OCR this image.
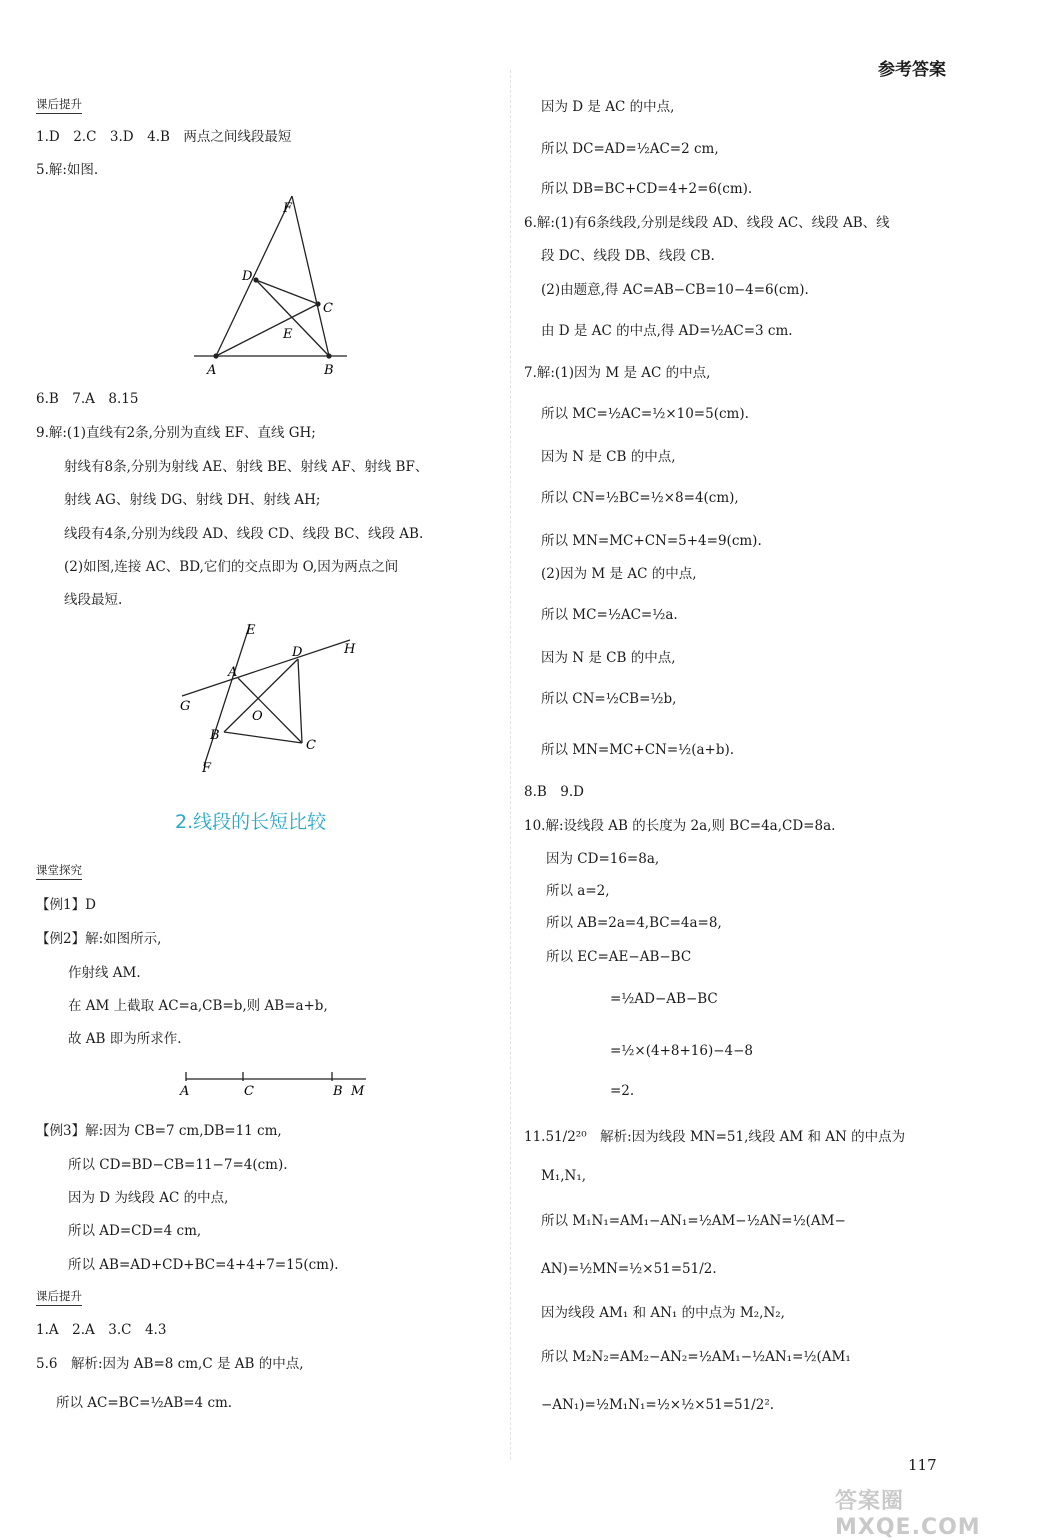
参考答案
课后提升
1.D　2.C　3.D　4.B　两点之间线段最短
5.解:如图.
F
D
C
E
A	B
6.B　7.A　8.15
9.解:(1)直线有2条,分别为直线 EF、直线 GH;
射线有8条,分别为射线 AE、射线 BE、射线 AF、射线 BF、
射线 AG、射线 DG、射线 DH、射线 AH;
线段有4条,分别为线段 AD、线段 CD、线段 BC、线段 AB.
(2)如图,连接 AC、BD,它们的交点即为 O,因为两点之间
线段最短.
E
D	H
A
G
O
B
C
F
2.线段的长短比较
课堂探究
【例1】D
【例2】解:如图所示,
作射线 AM.
在 AM 上截取 AC=a,CB=b,则 AB=a+b,
故 AB 即为所求作.
A	C	B M
【例3】解:因为 CB=7 cm,DB=11 cm,
所以 CD=BD−CB=11−7=4(cm).
因为 D 为线段 AC 的中点,
所以 AD=CD=4 cm,
所以 AB=AD+CD+BC=4+4+7=15(cm).
课后提升
1.A　2.A　3.C　4.3
5.6　解析:因为 AB=8 cm,C 是 AB 的中点,
所以 AC=BC=½AB=4 cm.
因为 D 是 AC 的中点,
所以 DC=AD=½AC=2 cm,
所以 DB=BC+CD=4+2=6(cm).
6.解:(1)有6条线段,分别是线段 AD、线段 AC、线段 AB、线
段 DC、线段 DB、线段 CB.
(2)由题意,得 AC=AB−CB=10−4=6(cm).
由 D 是 AC 的中点,得 AD=½AC=3 cm.
7.解:(1)因为 M 是 AC 的中点,
所以 MC=½AC=½×10=5(cm).
因为 N 是 CB 的中点,
所以 CN=½BC=½×8=4(cm),
所以 MN=MC+CN=5+4=9(cm).
(2)因为 M 是 AC 的中点,
所以 MC=½AC=½a.
因为 N 是 CB 的中点,
所以 CN=½CB=½b,
所以 MN=MC+CN=½(a+b).
8.B　9.D
10.解:设线段 AB 的长度为 2a,则 BC=4a,CD=8a.
因为 CD=16=8a,
所以 a=2,
所以 AB=2a=4,BC=4a=8,
所以 EC=AE−AB−BC
=½AD−AB−BC
=½×(4+8+16)−4−8
=2.
11.51/2²⁰　解析:因为线段 MN=51,线段 AM 和 AN 的中点为
M₁,N₁,
所以 M₁N₁=AM₁−AN₁=½AM−½AN=½(AM−
AN)=½MN=½×51=51/2.
因为线段 AM₁ 和 AN₁ 的中点为 M₂,N₂,
所以 M₂N₂=AM₂−AN₂=½AM₁−½AN₁=½(AM₁
−AN₁)=½M₁N₁=½×½×51=51/2².
117
答案圈 MXQE.COM
